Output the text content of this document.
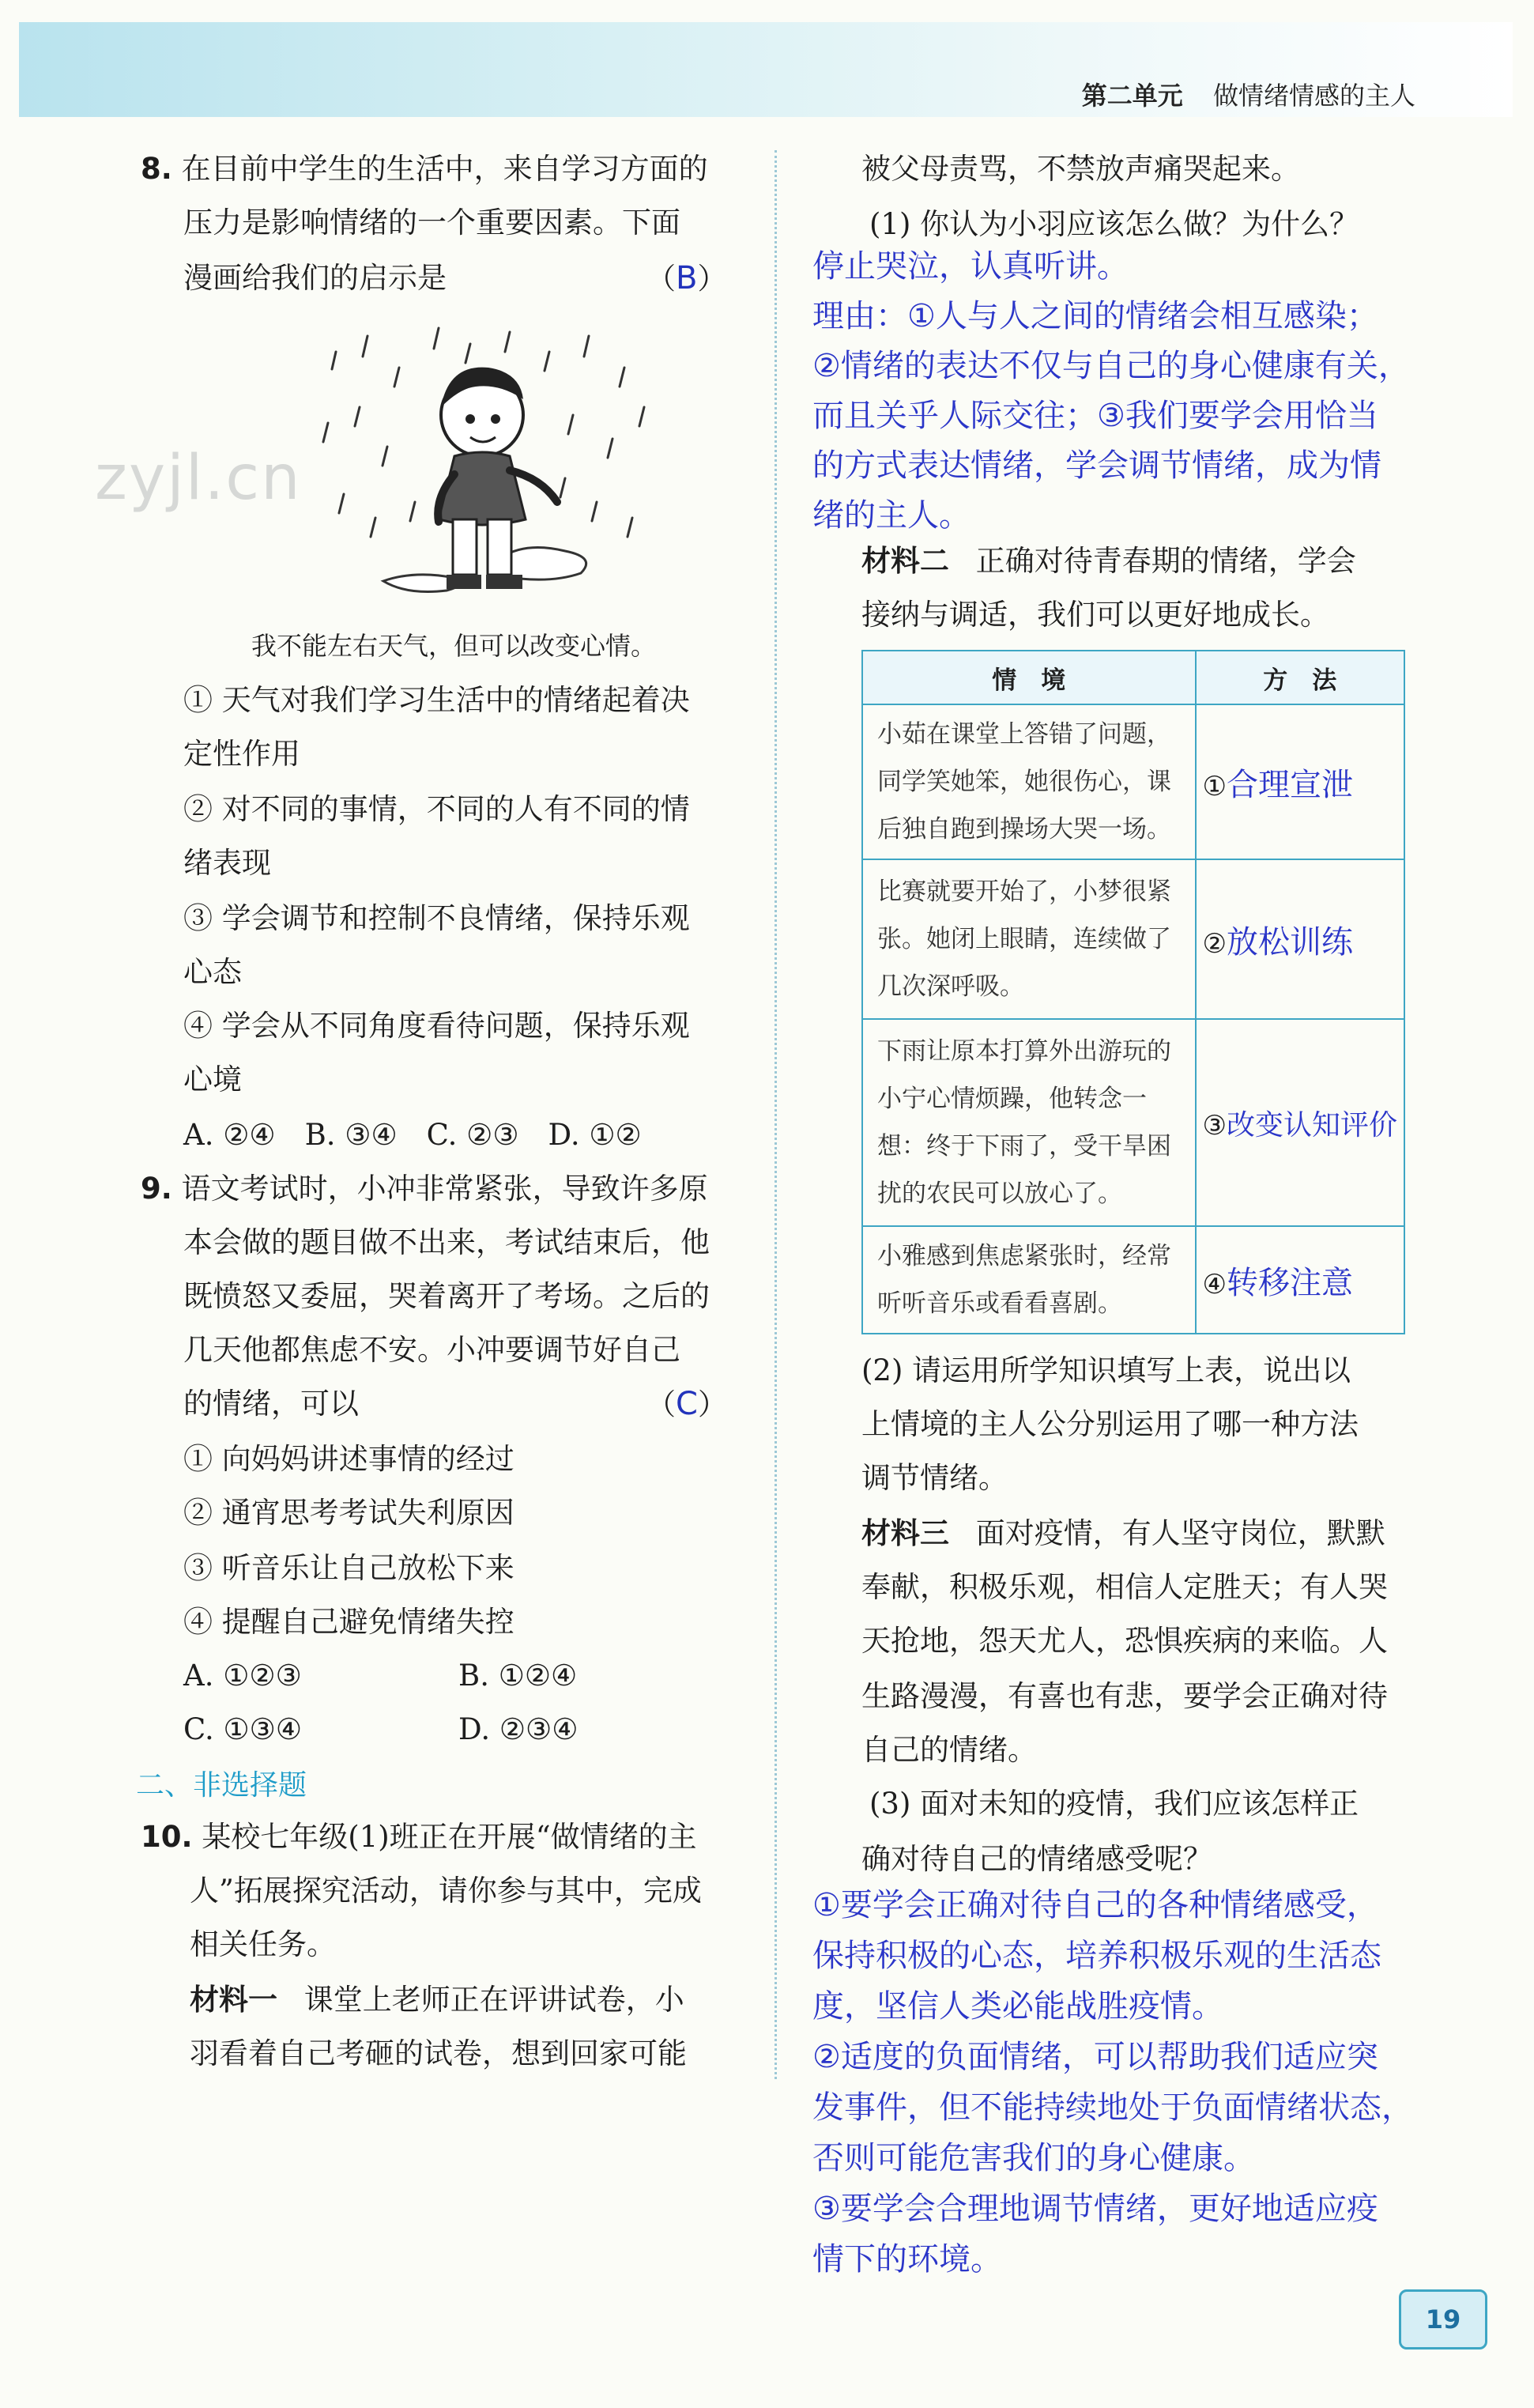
第二单元 做情绪情感的主人
zyjl.cn
8. 在目前中学生的生活中，来自学习方面的
压力是影响情绪的一个重要因素。下面
漫画给我们的启示是	（B）
我不能左右天气，但可以改变心情。
① 天气对我们学习生活中的情绪起着决
定性作用
② 对不同的事情，不同的人有不同的情
绪表现
③ 学会调节和控制不良情绪，保持乐观
心态
④ 学会从不同角度看待问题，保持乐观
心境
A. ②④　B. ③④　C. ②③　D. ①②
9. 语文考试时，小冲非常紧张，导致许多原
本会做的题目做不出来，考试结束后，他
既愤怒又委屈，哭着离开了考场。之后的
几天他都焦虑不安。小冲要调节好自己
的情绪，可以	（C）
① 向妈妈讲述事情的经过
② 通宵思考考试失利原因
③ 听音乐让自己放松下来
④ 提醒自己避免情绪失控
A. ①②③	B. ①②④
C. ①③④	D. ②③④
二、非选择题
10. 某校七年级(1)班正在开展“做情绪的主
人”拓展探究活动，请你参与其中，完成
相关任务。
材料一 课堂上老师正在评讲试卷，小
羽看着自己考砸的试卷，想到回家可能
被父母责骂，不禁放声痛哭起来。
(1) 你认为小羽应该怎么做？为什么？
停止哭泣，认真听讲。
理由：①人与人之间的情绪会相互感染；
②情绪的表达不仅与自己的身心健康有关，
而且关乎人际交往；③我们要学会用恰当
的方式表达情绪，学会调节情绪，成为情
绪的主人。
材料二 正确对待青春期的情绪，学会
接纳与调适，我们可以更好地成长。
情　境	方　法
小茹在课堂上答错了问题，同学笑她笨，她很伤心，课后独自跑到操场大哭一场。	①合理宣泄
比赛就要开始了，小梦很紧张。她闭上眼睛，连续做了几次深呼吸。	②放松训练
下雨让原本打算外出游玩的小宁心情烦躁，他转念一想：终于下雨了，受干旱困扰的农民可以放心了。	③改变认知评价
小雅感到焦虑紧张时，经常听听音乐或看看喜剧。	④转移注意
(2) 请运用所学知识填写上表，说出以
上情境的主人公分别运用了哪一种方法
调节情绪。
材料三 面对疫情，有人坚守岗位，默默
奉献，积极乐观，相信人定胜天；有人哭
天抢地，怨天尤人，恐惧疾病的来临。人
生路漫漫，有喜也有悲，要学会正确对待
自己的情绪。
(3) 面对未知的疫情，我们应该怎样正
确对待自己的情绪感受呢？
①要学会正确对待自己的各种情绪感受，
保持积极的心态，培养积极乐观的生活态
度，坚信人类必能战胜疫情。
②适度的负面情绪，可以帮助我们适应突
发事件，但不能持续地处于负面情绪状态，
否则可能危害我们的身心健康。
③要学会合理地调节情绪，更好地适应疫
情下的环境。
19
